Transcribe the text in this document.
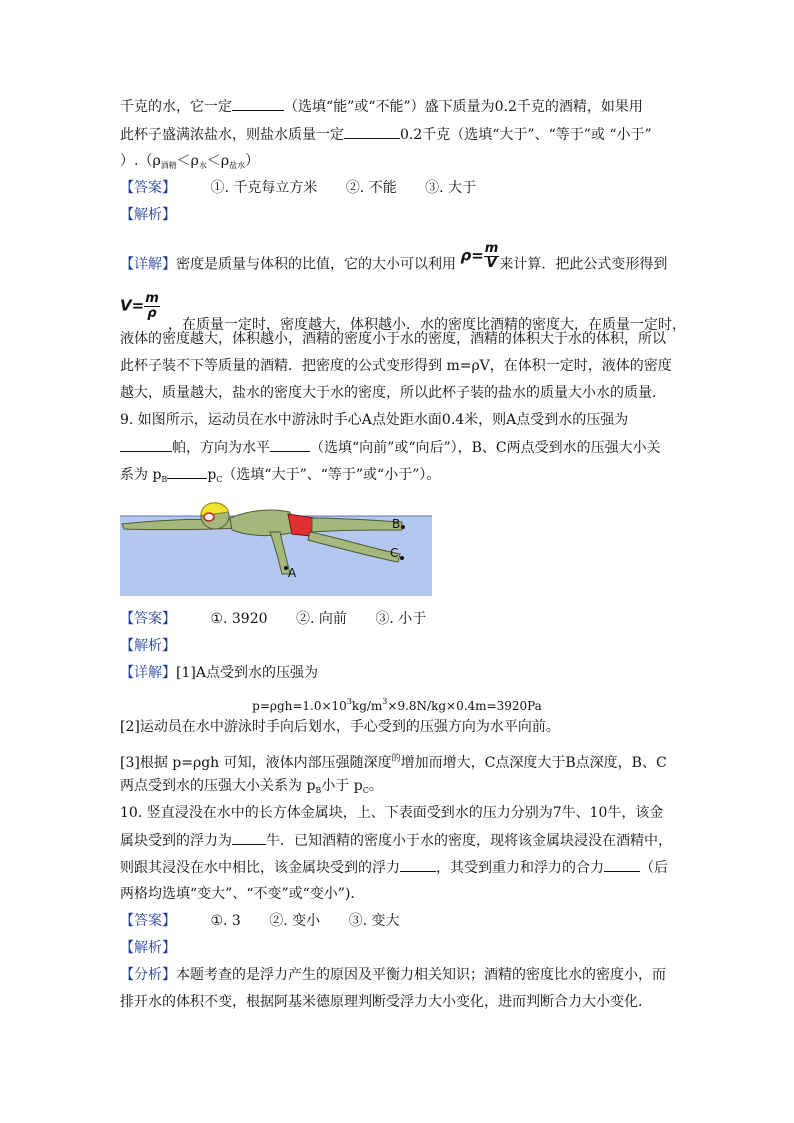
千克的水，它一定	（选填“能”或“不能”）盛下质量为0.2千克的酒精，如果用
此杯子盛满浓盐水，则盐水质量一定	0.2千克（选填“大于”、“等于”或 “小于”
）$.(\rho_{酒精}<\rho_水<\rho_{盐水})$
【答案】 ①. 千克每立方米 ②. 不能 ③. 大于
【解析】
【详解】密度是质量与体积的比值，它的大小可以利用 $\rho= \frac{m}{V}$ 来计算．把此公式变形得到
$V= \frac{m}{\rho}$
，在质量一定时，密度越大，体积越小．水的密度比酒精的密度大，在质量一定时，
液体的密度越大，体积越小，酒精的密度小于水的密度，酒精的体积大于水的体积，所以
此杯子装不下等质量的酒精．把密度的公式变形得到 m=ρV，在体积一定时，液体的密度
越大，质量越大，盐水的密度大于水的密度，所以此杯子装的盐水的质量大小水的质量．
9. 如图所示，运动员在水中游泳时手心A点处距水面0.4米，则A点受到水的压强为
帕，方向为水平	（选填“向前”或“向后”），B、C两点受到水的压强大小关
系为 $p_B$	$p_C$（选填“大于”、“等于”或“小于”）。
A
B
C
【答案】 ①. 3920 ②. 向前 ③. 小于
【解析】
【详解】[1]A点受到水的压强为
$p=\rho gh=1.0\times 10^3kg/m^3\times 9.8N/kg\times 0.4m=3920Pa$
[2]运动员在水中游泳时手向后划水，手心受到的压强方向为水平向前。
[3]根据 p=ρgh 可知，液体内部压强随深度$^的$增加而增大，C点深度大于B点深度，B、C
两点受到水的压强大小关系为 $p_B$小于 $p_C$。
10. 竖直浸没在水中的长方体金属块，上、下表面受到水的压力分别为7牛、10牛，该金
属块受到的浮力为 牛．已知酒精的密度小于水的密度，现将该金属块浸没在酒精中，
则跟其浸没在水中相比，该金属块受到的浮力	，其受到重力和浮力的合力	（后
两格均选填“变大”、“不变”或“变小”)．
【答案】 ①. 3 ②. 变小 ③. 变大
【解析】
【分析】本题考查的是浮力产生的原因及平衡力相关知识；酒精的密度比水的密度小，而
排开水的体积不变，根据阿基米德原理判断受浮力大小变化，进而判断合力大小变化．
